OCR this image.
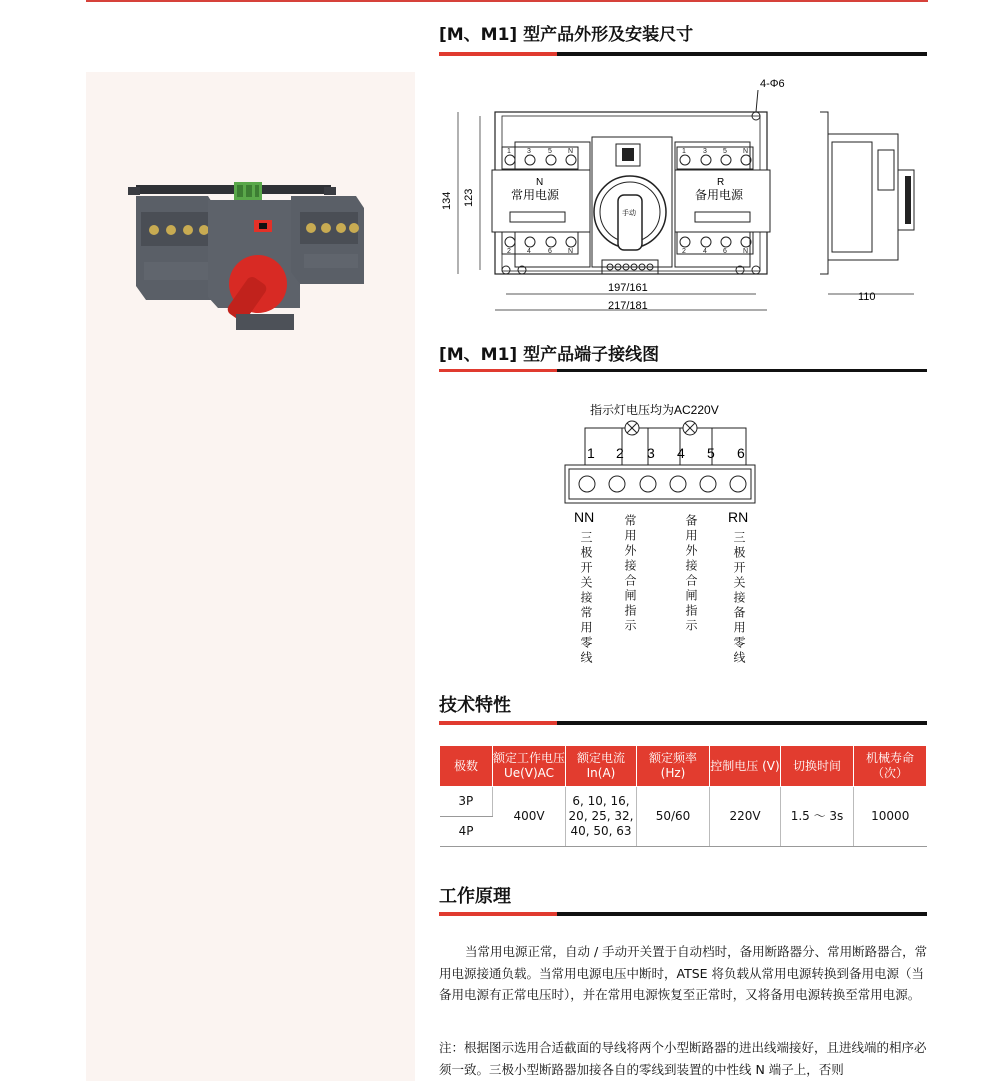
[M、M1] 型产品外形及安装尺寸
1 3 5 N	1 3 5 N
2 4 6 N	2 4 6 N
N
常用电源
R
备用电源
手动
4-Φ6
134 123
197/161
217/181
110
[M、M1] 型产品端子接线图
指示灯电压均为AC220V
1 2 3 4 5 6
NN	RN
三极开关接常用零线	常用外接合闸指示	备用外接合闸指示	三极开关接备用零线
技术特性
极数	额定工作电压 Ue(V)AC	额定电流 In(A)	额定频率 (Hz)	控制电压 (V)	切换时间	机械寿命 （次）
3P	400V	6, 10, 16,
20, 25, 32,
40, 50, 63	50/60	220V	1.5 ～ 3s	10000
4P						
工作原理
当常用电源正常，自动 / 手动开关置于自动档时，备用断路器分、常用断路器合，常用电源接通负载。当常用电源电压中断时，ATSE 将负载从常用电源转换到备用电源（当备用电源有正常电压时），并在常用电源恢复至正常时，又将备用电源转换至常用电源。
注：根据图示选用合适截面的导线将两个小型断路器的进出线端接好，且进线端的相序必须一致。三极小型断路器加接各自的零线到装置的中性线 N 端子上，否则
